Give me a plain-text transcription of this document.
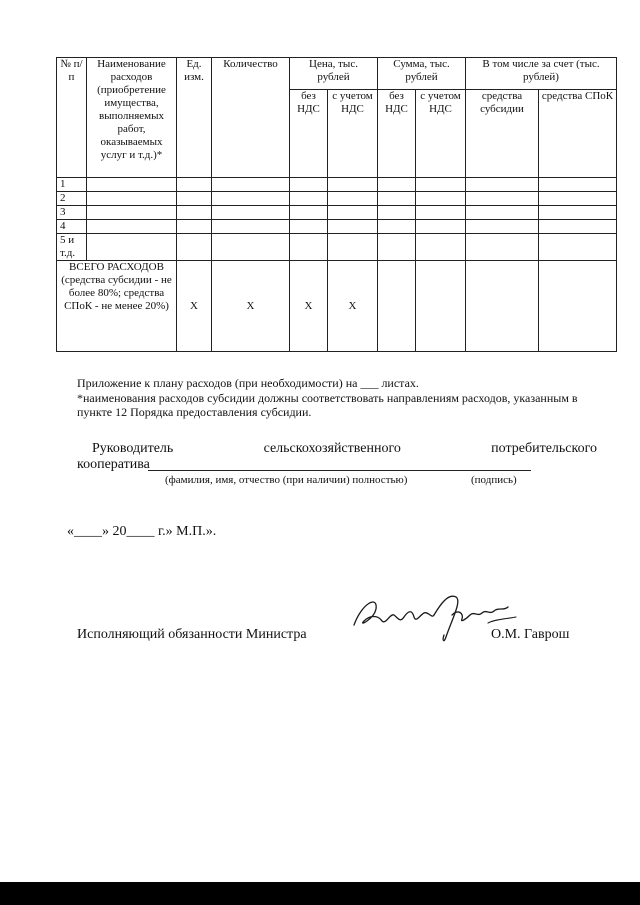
№ п/п	Наименование расходов (приобретение имущества, выполняемых работ, оказываемых услуг и т.д.)*	Ед. изм.	Количество	Цена, тыс. рублей		Сумма, тыс. рублей		В том числе за счет (тыс. рублей)	
				без НДС	с учетом НДС	без НДС	с учетом НДС	средства субсидии	средства СПоК
1									
2									
3									
4									
5 и т.д.									
ВСЕГО РАСХОДОВ (средства субсидии - не более 80%; средства СПоК - не менее 20%)		Х	Х	Х	Х				
Приложение к плану расходов (при необходимости) на ___ листах.
*наименования расходов субсидии должны соответствовать направлениям расходов, указанным в пункте 12 Порядка предоставления субсидии.
Руководитель	сельскохозяйственного	потребительского
кооператива
(фамилия, имя, отчество (при наличии) полностью)	(подпись)
«____» 20____ г.» М.П.».
Исполняющий обязанности Министра	О.М. Гаврош
